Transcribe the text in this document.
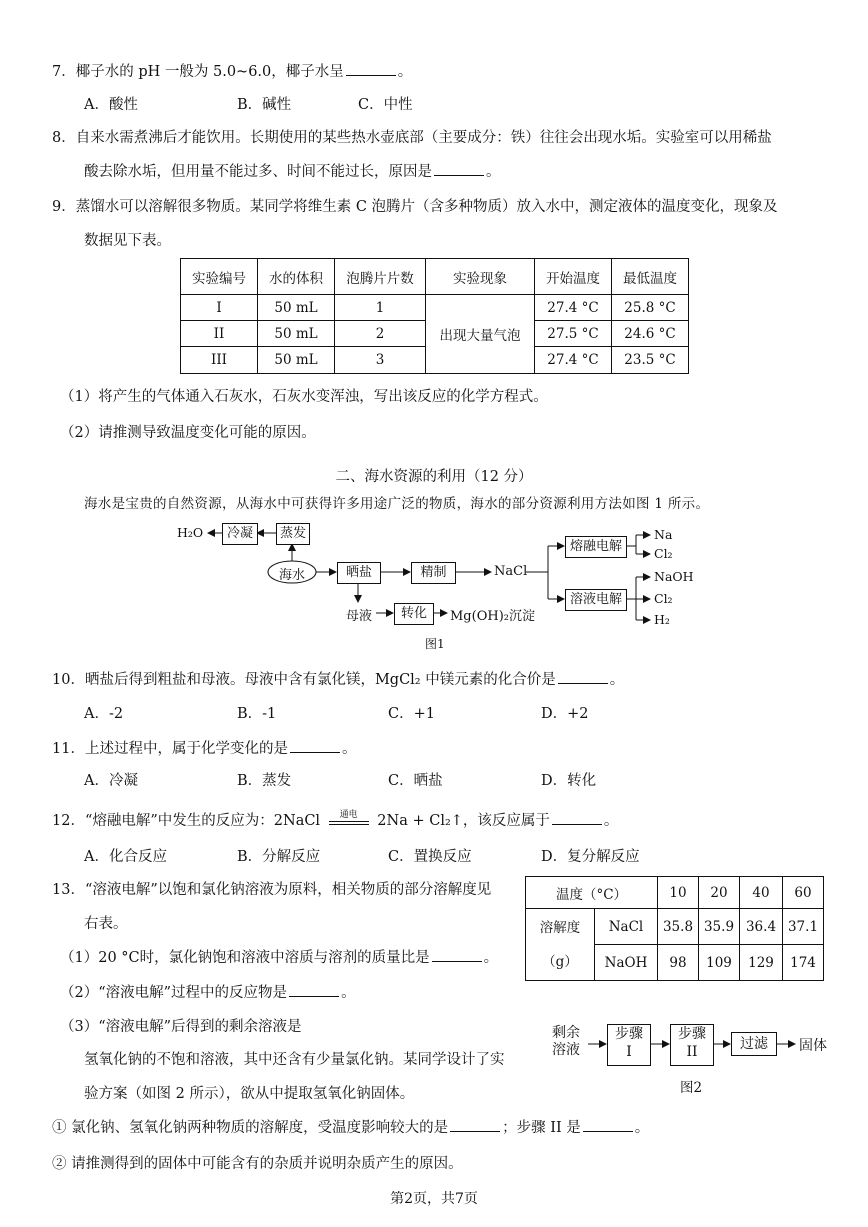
7．椰子水的 pH 一般为 5.0~6.0，椰子水呈	。
A．酸性	B．碱性	C．中性
8．自来水需煮沸后才能饮用。长期使用的某些热水壶底部（主要成分：铁）往往会出现水垢。实验室可以用稀盐
酸去除水垢，但用量不能过多、时间不能过长，原因是	。
9．蒸馏水可以溶解很多物质。某同学将维生素 C 泡腾片（含多种物质）放入水中，测定液体的温度变化，现象及
数据见下表。
实验编号	水的体积	泡腾片片数	实验现象	开始温度	最低温度
I	50 mL	1	出现大量气泡	27.4 °C	25.8 °C
II	50 mL	2		27.5 °C	24.6 °C
III	50 mL	3		27.4 °C	23.5 °C
（1）将产生的气体通入石灰水，石灰水变浑浊，写出该反应的化学方程式。
（2）请推测导致温度变化可能的原因。
二、海水资源的利用（12 分）
海水是宝贵的自然资源，从海水中可获得许多用途广泛的物质，海水的部分资源利用方法如图 1 所示。
H₂O	冷凝	蒸发
海水	晒盐	精制	NaCl
熔融电解
溶液电解
Na
Cl₂
NaOH
Cl₂
H₂
母液	转化	Mg(OH)₂沉淀
图1
10．晒盐后得到粗盐和母液。母液中含有氯化镁，MgCl₂ 中镁元素的化合价是	。
A．-2	B．-1	C．+1	D．+2
11．上述过程中，属于化学变化的是	。
A．冷凝	B．蒸发	C．晒盐	D．转化
12．“熔融电解”中发生的反应为：2NaCl	通电	2Na + Cl₂↑，该反应属于	。
A．化合反应	B．分解反应	C．置换反应	D．复分解反应
13．“溶液电解”以饱和氯化钠溶液为原料，相关物质的部分溶解度见
右表。
（1）20 °C时，氯化钠饱和溶液中溶质与溶剂的质量比是	。
（2）“溶液电解”过程中的反应物是	。
（3）“溶液电解”后得到的剩余溶液是
氢氧化钠的不饱和溶液，其中还含有少量氯化钠。某同学设计了实
验方案（如图 2 所示），欲从中提取氢氧化钠固体。
① 氯化钠、氢氧化钠两种物质的溶解度，受温度影响较大的是	；步骤 II 是	。
② 请推测得到的固体中可能含有的杂质并说明杂质产生的原因。
温度（°C）		10	20	40	60

溶解度
（g）	NaCl	35.8	35.9	36.4	37.1
	NaOH	98	109	129	174
剩余
溶液
步骤
I
步骤
II	过滤	固体
图2
第2页，共7页
